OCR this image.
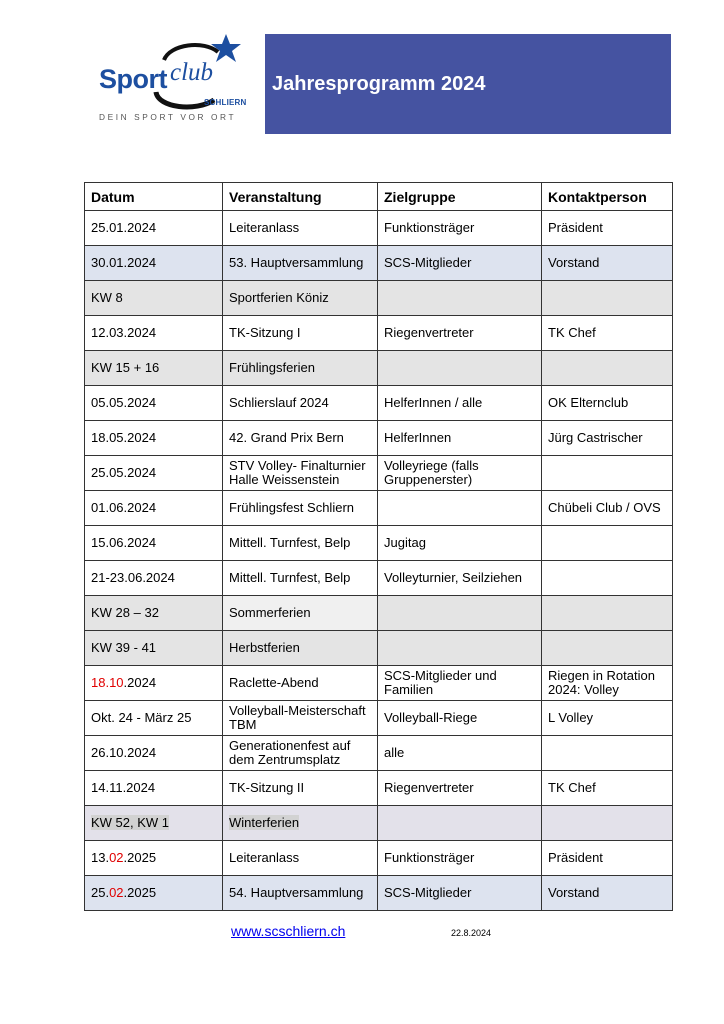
Sport club
SCHLIERN
DEIN SPORT VOR ORT
Jahresprogramm 2024
Datum	Veranstaltung	Zielgruppe	Kontaktperson
25.01.2024	Leiteranlass	Funktionsträger	Präsident
30.01.2024	53. Hauptversammlung	SCS-Mitglieder	Vorstand
KW 8	Sportferien Köniz		
12.03.2024	TK-Sitzung I	Riegenvertreter	TK Chef
KW 15 + 16	Frühlingsferien		
05.05.2024	Schlierslauf 2024	HelferInnen / alle	OK Elternclub
18.05.2024	42. Grand Prix Bern	HelferInnen	Jürg Castrischer
25.05.2024	STV Volley- Finalturnier Halle Weissenstein	Volleyriege (falls Gruppenerster)	
01.06.2024	Frühlingsfest Schliern		Chübeli Club / OVS
15.06.2024	Mittell. Turnfest, Belp	Jugitag	
21-23.06.2024	Mittell. Turnfest, Belp	Volleyturnier, Seilziehen	
KW 28 – 32	Sommerferien		
KW 39 - 41	Herbstferien		
18.10.2024	Raclette-Abend	SCS-Mitglieder und Familien	Riegen in Rotation 2024: Volley
Okt. 24 - März 25	Volleyball-Meisterschaft TBM	Volleyball-Riege	L Volley
26.10.2024	Generationenfest auf dem Zentrumsplatz	alle	
14.11.2024	TK-Sitzung II	Riegenvertreter	TK Chef
KW 52, KW 1	Winterferien		
13.02.2025	Leiteranlass	Funktionsträger	Präsident
25.02.2025	54. Hauptversammlung	SCS-Mitglieder	Vorstand
www.scschliern.ch	22.8.2024
